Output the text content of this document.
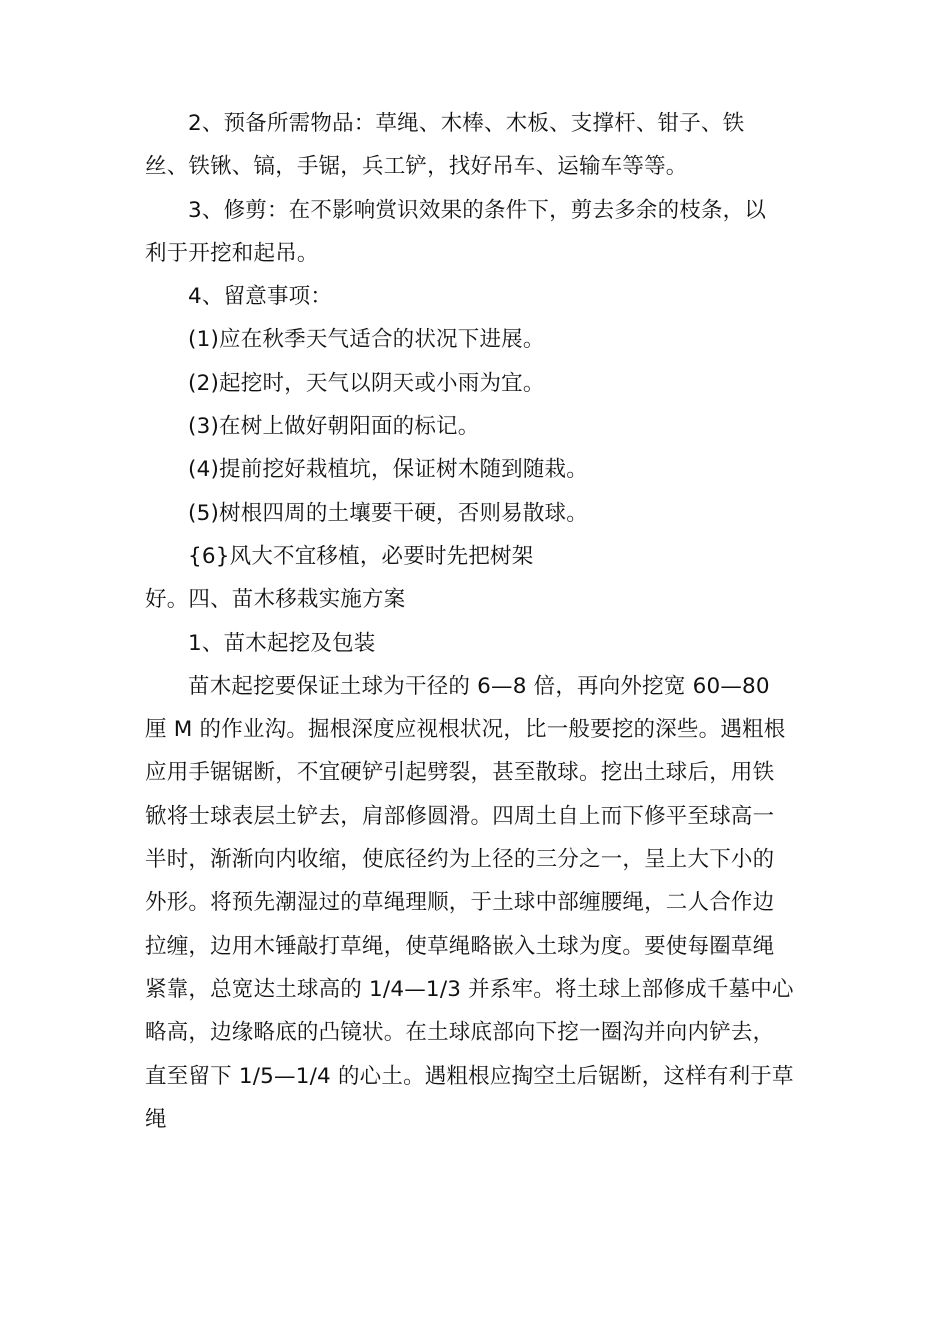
2、预备所需物品：草绳、木棒、木板、支撑杆、钳子、铁
丝、铁锹、镐，手锯，兵工铲，找好吊车、运输车等等。
3、修剪：在不影响赏识效果的条件下，剪去多余的枝条，以
利于开挖和起吊。
4、留意事项：
(1)应在秋季天气适合的状况下进展。
(2)起挖时，天气以阴天或小雨为宜。
(3)在树上做好朝阳面的标记。
(4)提前挖好栽植坑，保证树木随到随栽。
(5)树根四周的土壤要干硬，否则易散球。
{6}风大不宜移植，必要时先把树架
好。四、苗木移栽实施方案
1、苗木起挖及包装
苗木起挖要保证土球为干径的 6—8 倍，再向外挖宽 60—80
厘 M 的作业沟。掘根深度应视根状况，比一般要挖的深些。遇粗根
应用手锯锯断，不宜硬铲引起劈裂，甚至散球。挖出土球后，用铁
锨将士球表层土铲去，肩部修圆滑。四周土自上而下修平至球高一
半时，渐渐向内收缩，使底径约为上径的三分之一，呈上大下小的
外形。将预先潮湿过的草绳理顺，于土球中部缠腰绳，二人合作边
拉缠，边用木锤敲打草绳，使草绳略嵌入土球为度。要使每圈草绳
紧靠，总宽达土球高的 1/4—1/3 并系牢。将土球上部修成千墓中心
略高，边缘略底的凸镜状。在土球底部向下挖一圈沟并向内铲去，
直至留下 1/5—1/4 的心土。遇粗根应掏空土后锯断，这样有利于草
绳
